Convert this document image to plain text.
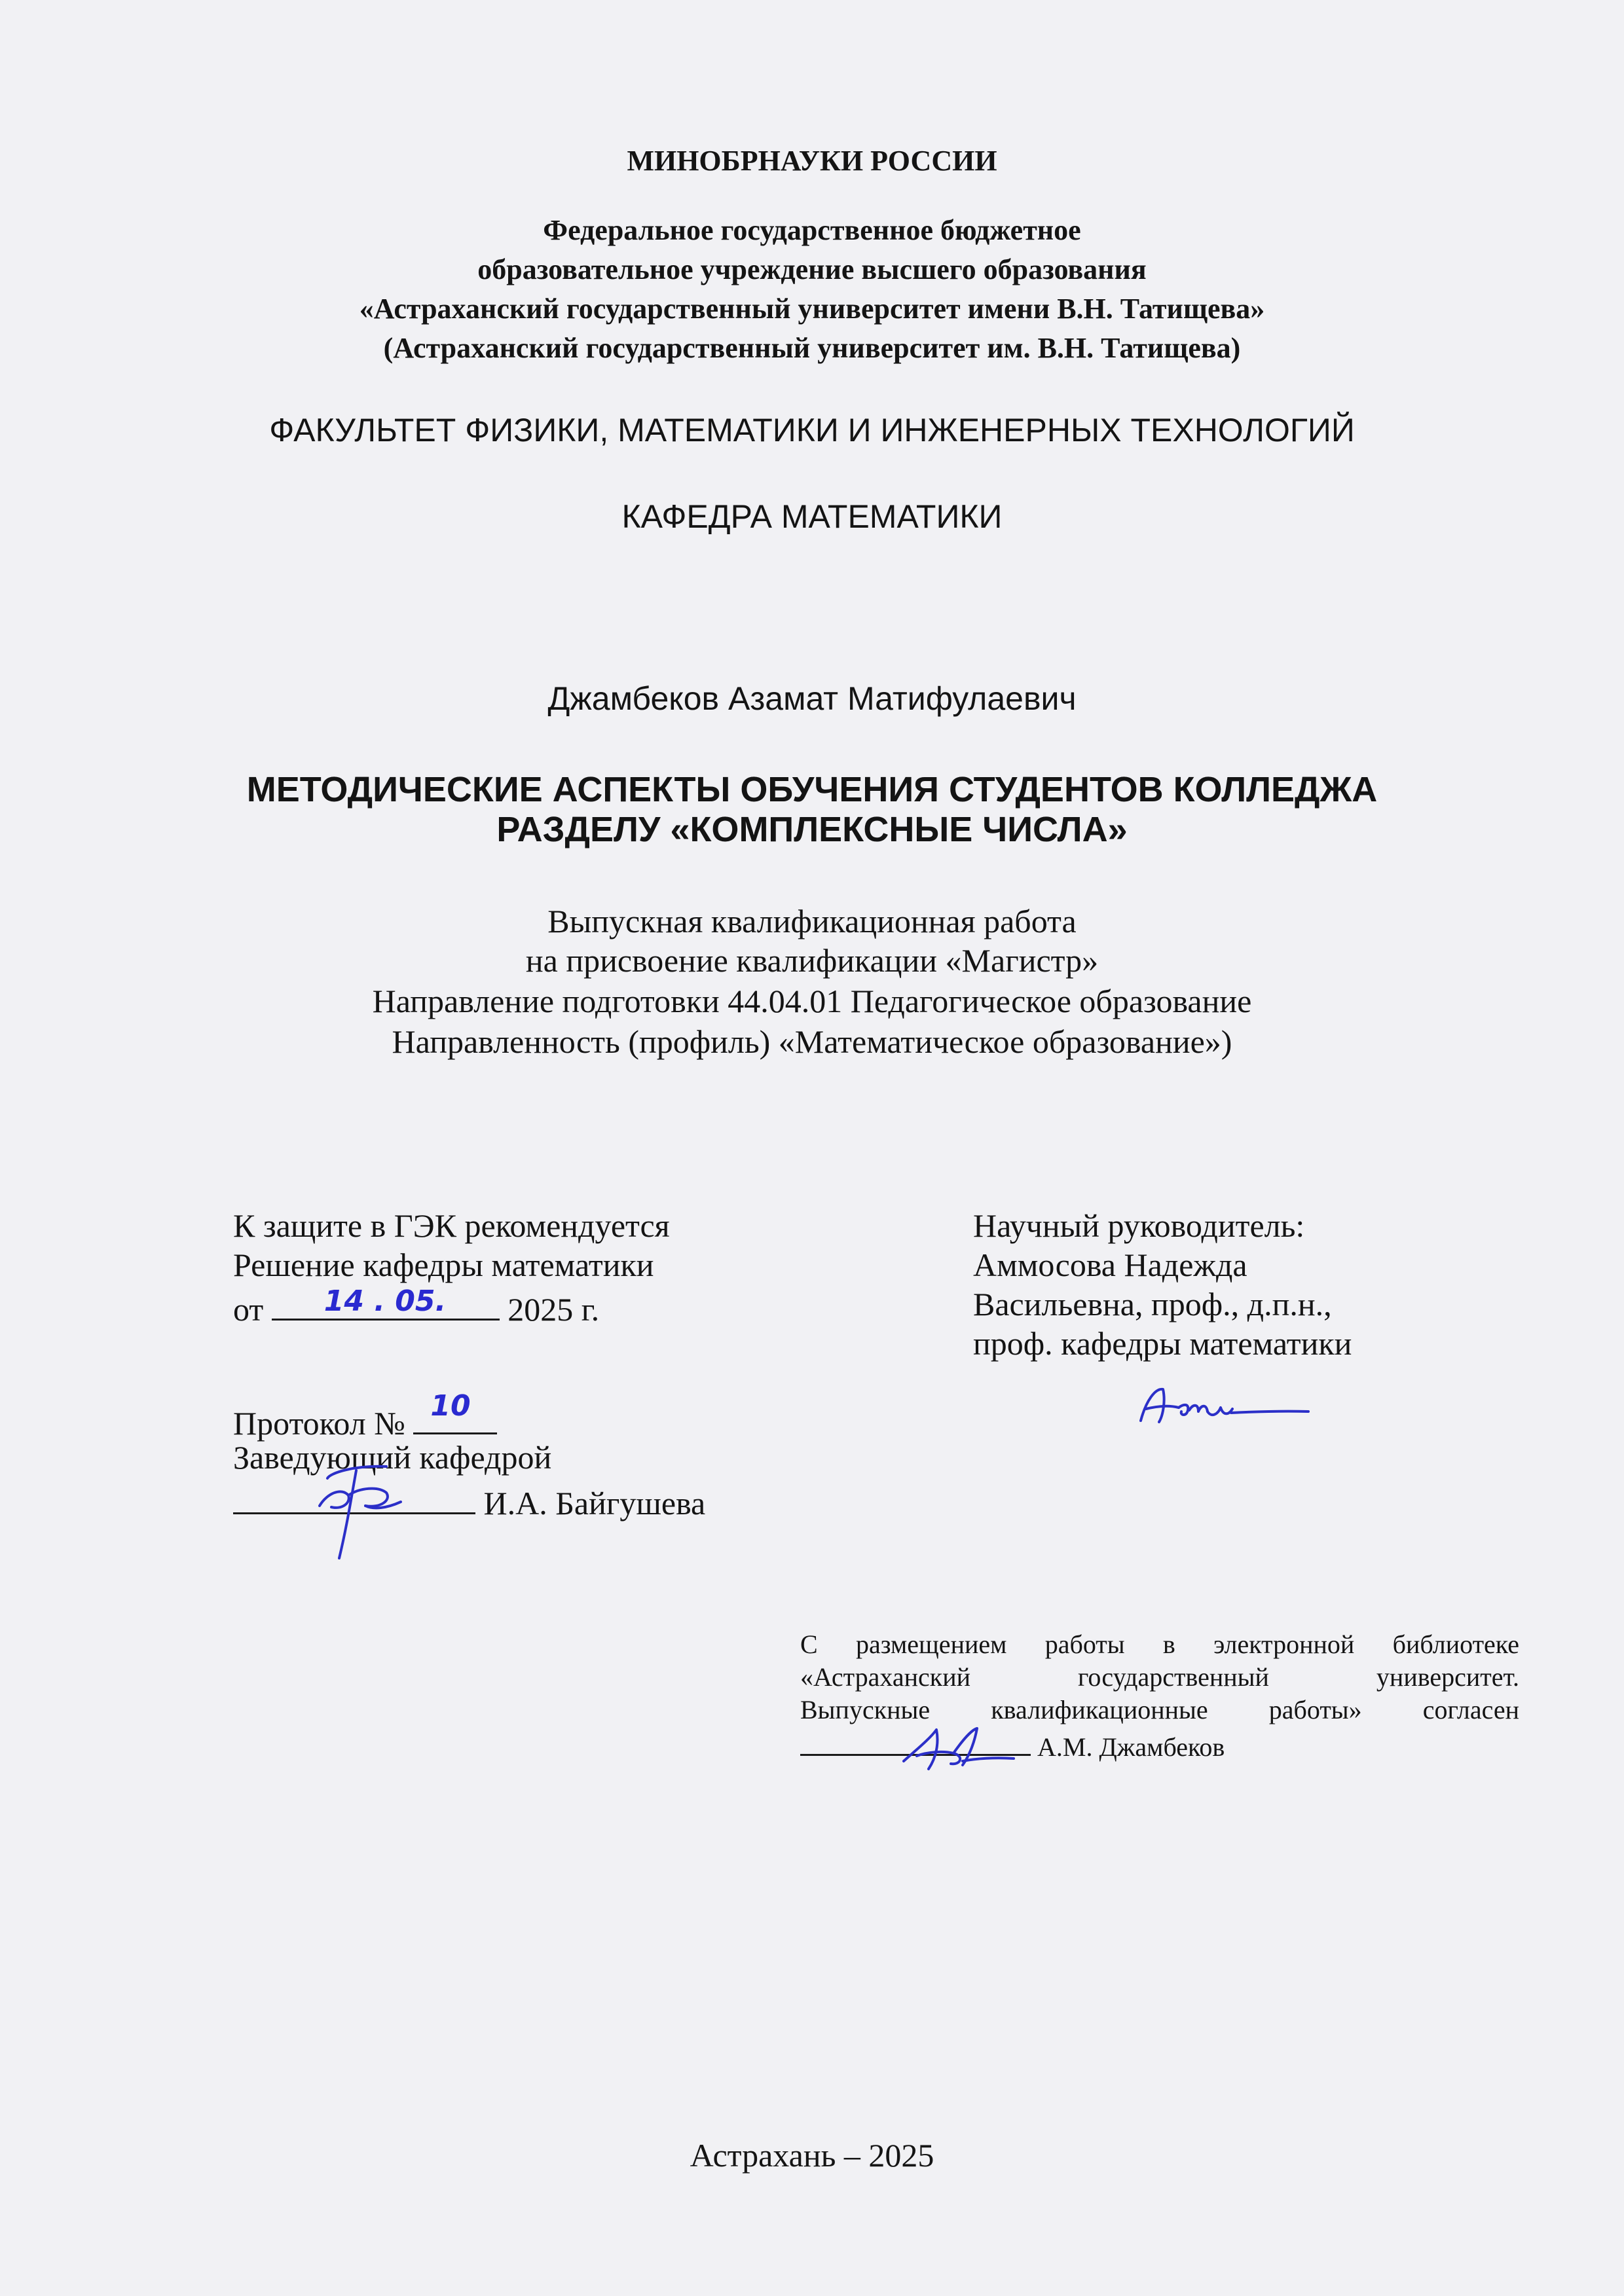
МИНОБРНАУКИ РОССИИ
Федеральное государственное бюджетное
образовательное учреждение высшего образования
«Астраханский государственный университет имени В.Н. Татищева»
(Астраханский государственный университет им. В.Н. Татищева)
ФАКУЛЬТЕТ ФИЗИКИ, МАТЕМАТИКИ И ИНЖЕНЕРНЫХ ТЕХНОЛОГИЙ
КАФЕДРА МАТЕМАТИКИ
Джамбеков Азамат Матифулаевич
МЕТОДИЧЕСКИЕ АСПЕКТЫ ОБУЧЕНИЯ СТУДЕНТОВ КОЛЛЕДЖА
РАЗДЕЛУ «КОМПЛЕКСНЫЕ ЧИСЛА»
Выпускная квалификационная работа
на присвоение квалификации «Магистр»
Направление подготовки 44.04.01 Педагогическое образование
Направленность (профиль) «Математическое образование»)
К защите в ГЭК рекомендуется
Решение кафедры математики
от 14 . 05. 2025 г.
Протокол № 10
Заведующий кафедрой
И.А. Байгушева
Научный руководитель:
Аммосова Надежда
Васильевна, проф., д.п.н.,
проф. кафедры математики
С размещением работы в электронной библиотеке
«Астраханский государственный университет.
Выпускные квалификационные работы» согласен
А.М. Джамбеков
Астрахань – 2025
